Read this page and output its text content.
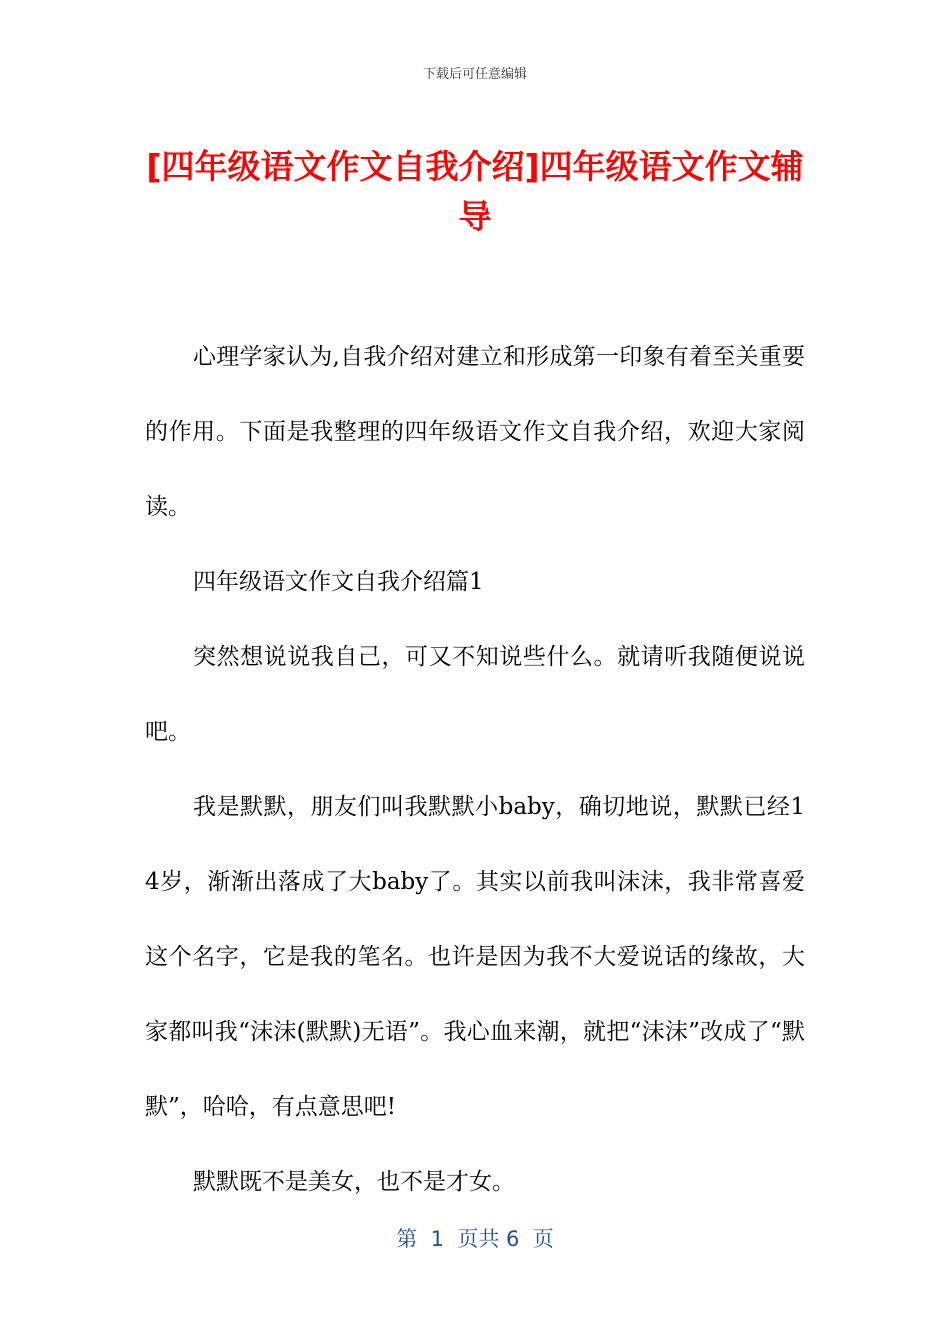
下载后可任意编辑
[四年级语文作文自我介绍]四年级语文作文辅导

心理学家认为,自我介绍对建立和形成第一印象有着至关重要的作用。下面是我整理的四年级语文作文自我介绍，欢迎大家阅读。

四年级语文作文自我介绍篇1

突然想说说我自己，可又不知说些什么。就请听我随便说说吧。

我是默默，朋友们叫我默默小baby，确切地说，默默已经14岁，渐渐出落成了大baby了。其实以前我叫沫沫，我非常喜爱这个名字，它是我的笔名。也许是因为我不大爱说话的缘故，大家都叫我“沫沫(默默)无语”。我心血来潮，就把“沫沫”改成了“默默”，哈哈，有点意思吧!

默默既不是美女，也不是才女。

第  1  页共 6  页
